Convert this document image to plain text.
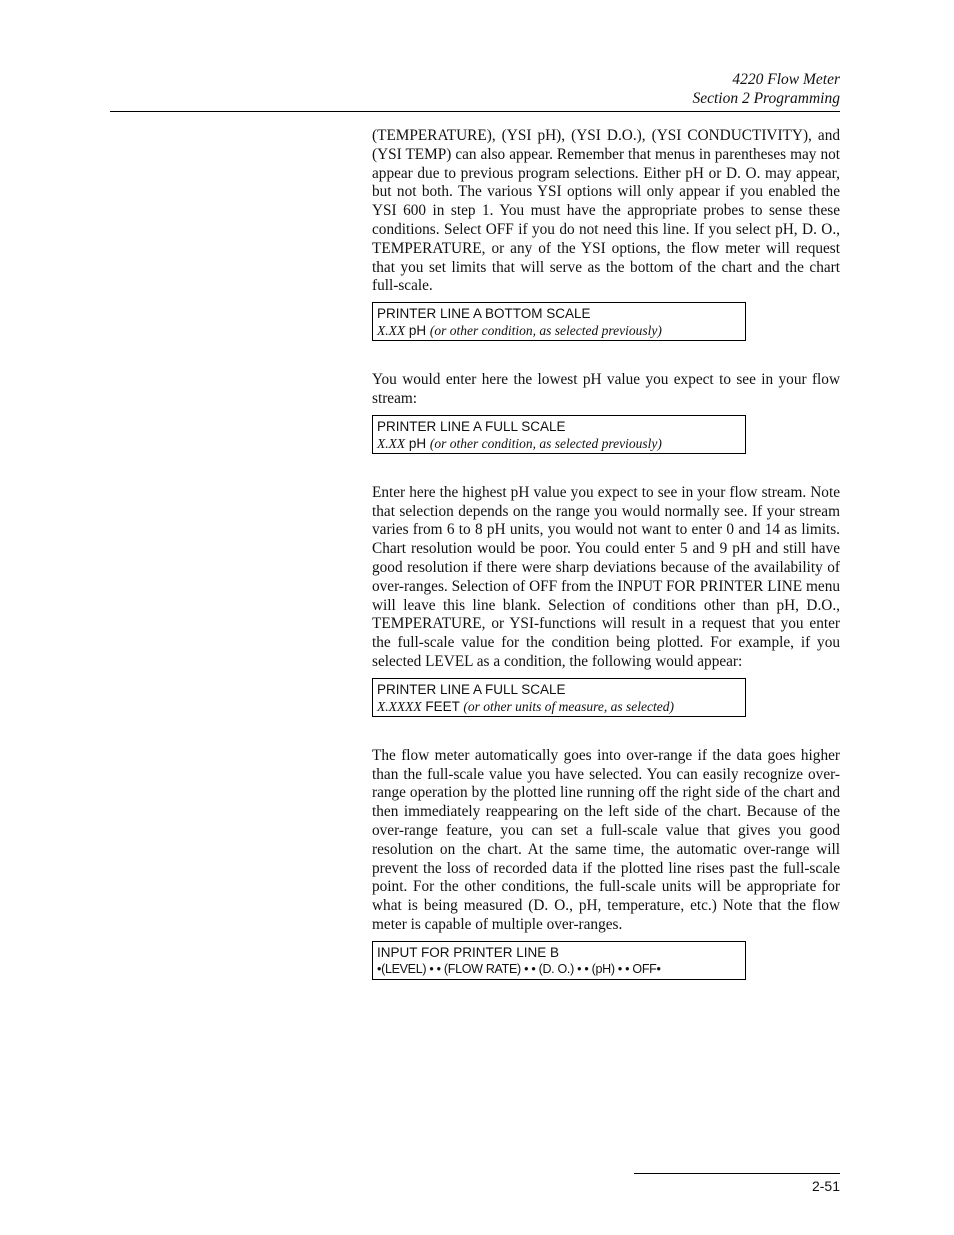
4220 Flow Meter
Section 2 Programming

(TEMPERATURE), (YSI pH), (YSI D.O.), (YSI CONDUCTIVITY), and (YSI TEMP) can also appear. Remember that menus in parentheses may not appear due to previous program selections. Either pH or D. O. may appear, but not both. The various YSI options will only appear if you enabled the YSI 600 in step 1. You must have the appropriate probes to sense these conditions. Select OFF if you do not need this line. If you select pH, D. O., TEMPERATURE, or any of the YSI options, the flow meter will request that you set limits that will serve as the bottom of the chart and the chart full-scale.

PRINTER LINE A BOTTOM SCALE
X.XX pH (or other condition, as selected previously)

You would enter here the lowest pH value you expect to see in your flow stream:

PRINTER LINE A FULL SCALE
X.XX pH (or other condition, as selected previously)

Enter here the highest pH value you expect to see in your flow stream. Note that selection depends on the range you would normally see. If your stream varies from 6 to 8 pH units, you would not want to enter 0 and 14 as limits. Chart resolution would be poor. You could enter 5 and 9 pH and still have good resolution if there were sharp deviations because of the availability of over-ranges. Selection of OFF from the INPUT FOR PRINTER LINE menu will leave this line blank. Selection of conditions other than pH, D.O., TEMPERATURE, or YSI-functions will result in a request that you enter the full-scale value for the condition being plotted. For example, if you selected LEVEL as a condition, the following would appear:

PRINTER LINE A FULL SCALE
X.XXXX FEET (or other units of measure, as selected)

The flow meter automatically goes into over-range if the data goes higher than the full-scale value you have selected. You can easily recognize over-range operation by the plotted line running off the right side of the chart and then immediately reappearing on the left side of the chart. Because of the over-range feature, you can set a full-scale value that gives you good resolution on the chart. At the same time, the automatic over-range will prevent the loss of recorded data if the plotted line rises past the full-scale point. For the other conditions, the full-scale units will be appropriate for what is being measured (D. O., pH, temperature, etc.) Note that the flow meter is capable of multiple over-ranges.

INPUT FOR PRINTER LINE B
•(LEVEL) • • (FLOW RATE) • • (D. O.) • • (pH) • • OFF•
2-51
